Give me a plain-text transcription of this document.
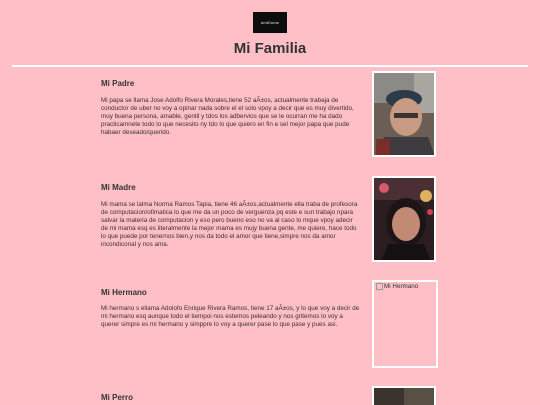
amiliome
Mi Familia
Mi Padre

Mi papa se llama Jose Adolfo Rivera Morales,tiene 52 aÃ±os, actualmente trabaja de conductor de uber no voy a opinar nada sobre el el solo vpoy a decir que es muy divertido, muy buena persona, amable, gentil y tdos los adbervios que se le ocurran me ha dado practicamnete todo lo que necesito ny tdo lo que quiero en fin e sel mejor papa que pude habaer deseado/querido.

Mi Madre

Mi mama se lalma Norma Ramos Tapia, tiene 46 aÃ±os,actualmente ella traba de profesora de computacion/ofimatica lo que me da un poco de verguenza pq este e sun trabajo npara salvar la materia de computacion y eso pero bueno eso no va al caso lo mque vpoy adecir de mi mama esq es literalmente la mejor mama es mujy buena gente, me quiere, hace todo lo que puede por tenernos bien,y nos da todo el amor que tiene,simpre nos da amor incondiconal y nos ama.

Mi Hermano

Mi hermano s ellama Adolofo Enrique Rivera Ramos, tiene 17 aÃ±os, y lo que voy a decir de mi hermano esq aunque todo el tiempoi nos estemos peleando y nos gritemos lo voy a querer simpre es mi hermano y simppre lo voy a querer pase lo que pase y pues asi.

Mi Hermano
Mi Perro
